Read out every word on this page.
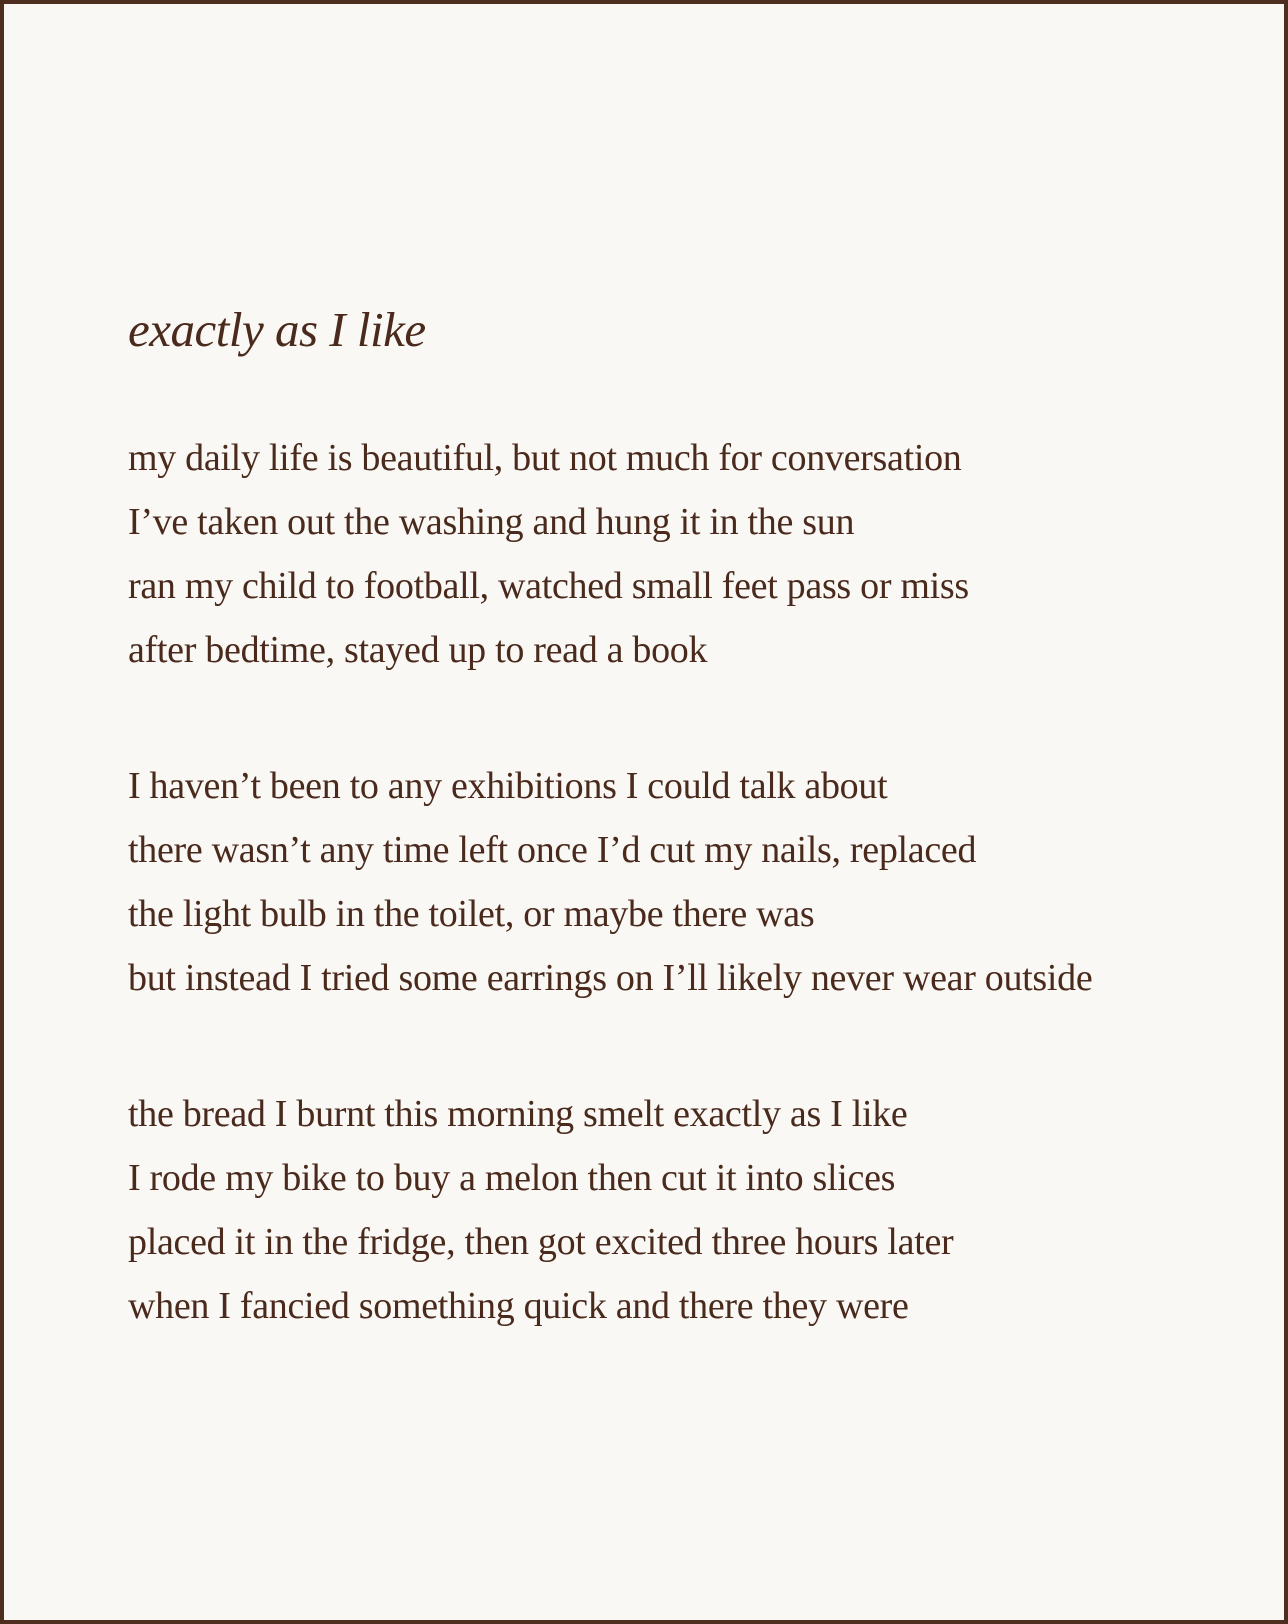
exactly as I like
my daily life is beautiful, but not much for conversation
I’ve taken out the washing and hung it in the sun
ran my child to football, watched small feet pass or miss
after bedtime, stayed up to read a book
I haven’t been to any exhibitions I could talk about
there wasn’t any time left once I’d cut my nails, replaced
the light bulb in the toilet, or maybe there was
but instead I tried some earrings on I’ll likely never wear outside
the bread I burnt this morning smelt exactly as I like
I rode my bike to buy a melon then cut it into slices
placed it in the fridge, then got excited three hours later
when I fancied something quick and there they were
